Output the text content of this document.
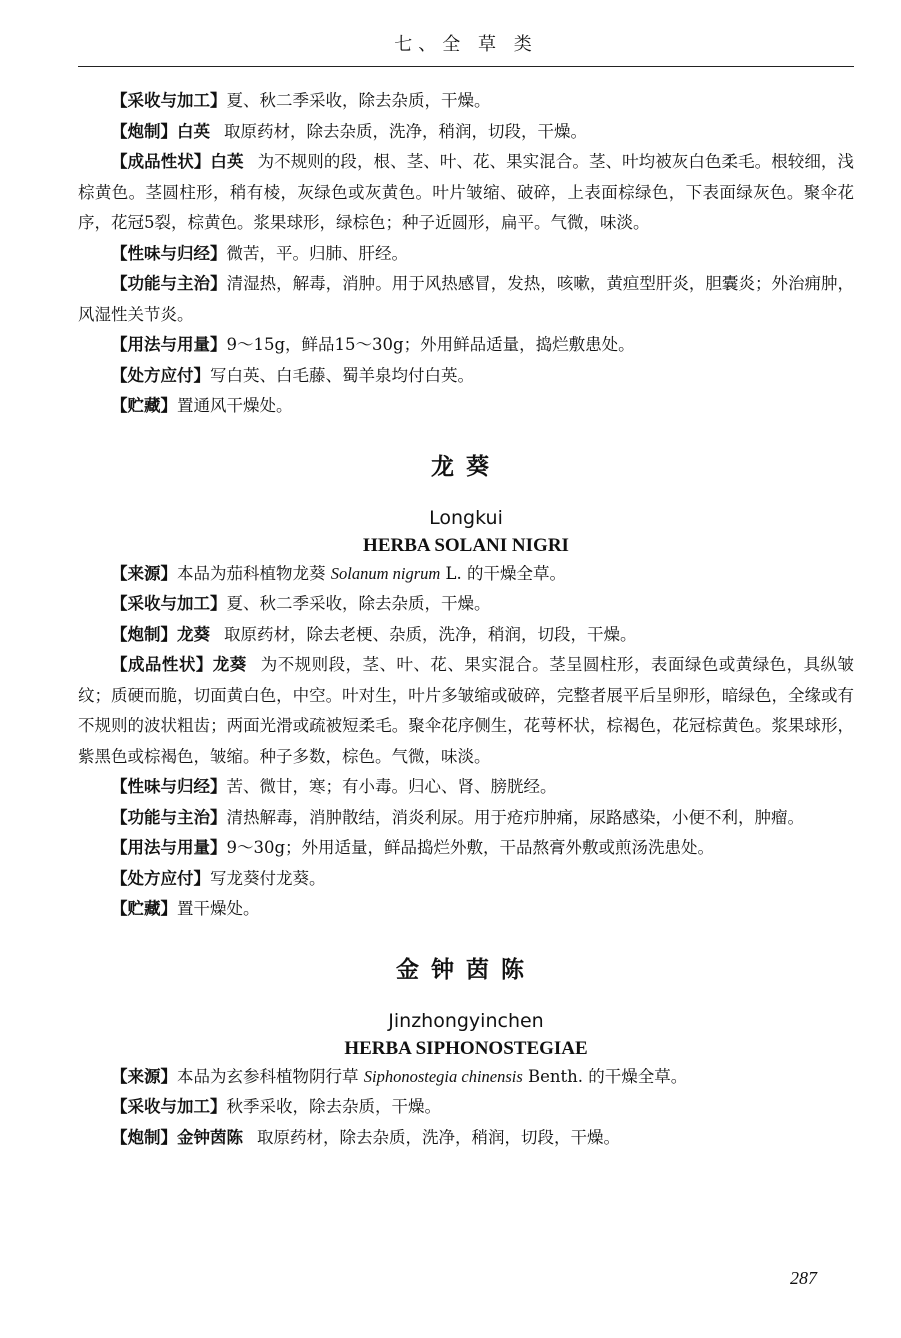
七、全 草 类

【采收与加工】夏、秋二季采收，除去杂质，干燥。

【炮制】白英 取原药材，除去杂质，洗净，稍润，切段，干燥。

【成品性状】白英 为不规则的段，根、茎、叶、花、果实混合。茎、叶均被灰白色柔毛。根较细，浅棕黄色。茎圆柱形，稍有棱，灰绿色或灰黄色。叶片皱缩、破碎，上表面棕绿色，下表面绿灰色。聚伞花序，花冠5裂，棕黄色。浆果球形，绿棕色；种子近圆形，扁平。气微，味淡。

【性味与归经】微苦，平。归肺、肝经。

【功能与主治】清湿热，解毒，消肿。用于风热感冒，发热，咳嗽，黄疸型肝炎，胆囊炎；外治痈肿，风湿性关节炎。

【用法与用量】9～15g，鲜品15～30g；外用鲜品适量，捣烂敷患处。

【处方应付】写白英、白毛藤、蜀羊泉均付白英。

【贮藏】置通风干燥处。

龙葵

Longkui

HERBA SOLANI NIGRI

【来源】本品为茄科植物龙葵 Solanum nigrum L. 的干燥全草。

【采收与加工】夏、秋二季采收，除去杂质，干燥。

【炮制】龙葵 取原药材，除去老梗、杂质，洗净，稍润，切段，干燥。

【成品性状】龙葵 为不规则段，茎、叶、花、果实混合。茎呈圆柱形，表面绿色或黄绿色，具纵皱纹；质硬而脆，切面黄白色，中空。叶对生，叶片多皱缩或破碎，完整者展平后呈卵形，暗绿色，全缘或有不规则的波状粗齿；两面光滑或疏被短柔毛。聚伞花序侧生，花萼杯状，棕褐色，花冠棕黄色。浆果球形，紫黑色或棕褐色，皱缩。种子多数，棕色。气微，味淡。

【性味与归经】苦、微甘，寒；有小毒。归心、肾、膀胱经。

【功能与主治】清热解毒，消肿散结，消炎利尿。用于疮疖肿痛，尿路感染，小便不利，肿瘤。

【用法与用量】9～30g；外用适量，鲜品捣烂外敷，干品熬膏外敷或煎汤洗患处。

【处方应付】写龙葵付龙葵。

【贮藏】置干燥处。

金钟茵陈

Jinzhongyinchen

HERBA SIPHONOSTEGIAE

【来源】本品为玄参科植物阴行草 Siphonostegia chinensis Benth. 的干燥全草。

【采收与加工】秋季采收，除去杂质，干燥。

【炮制】金钟茵陈 取原药材，除去杂质，洗净，稍润，切段，干燥。

287
